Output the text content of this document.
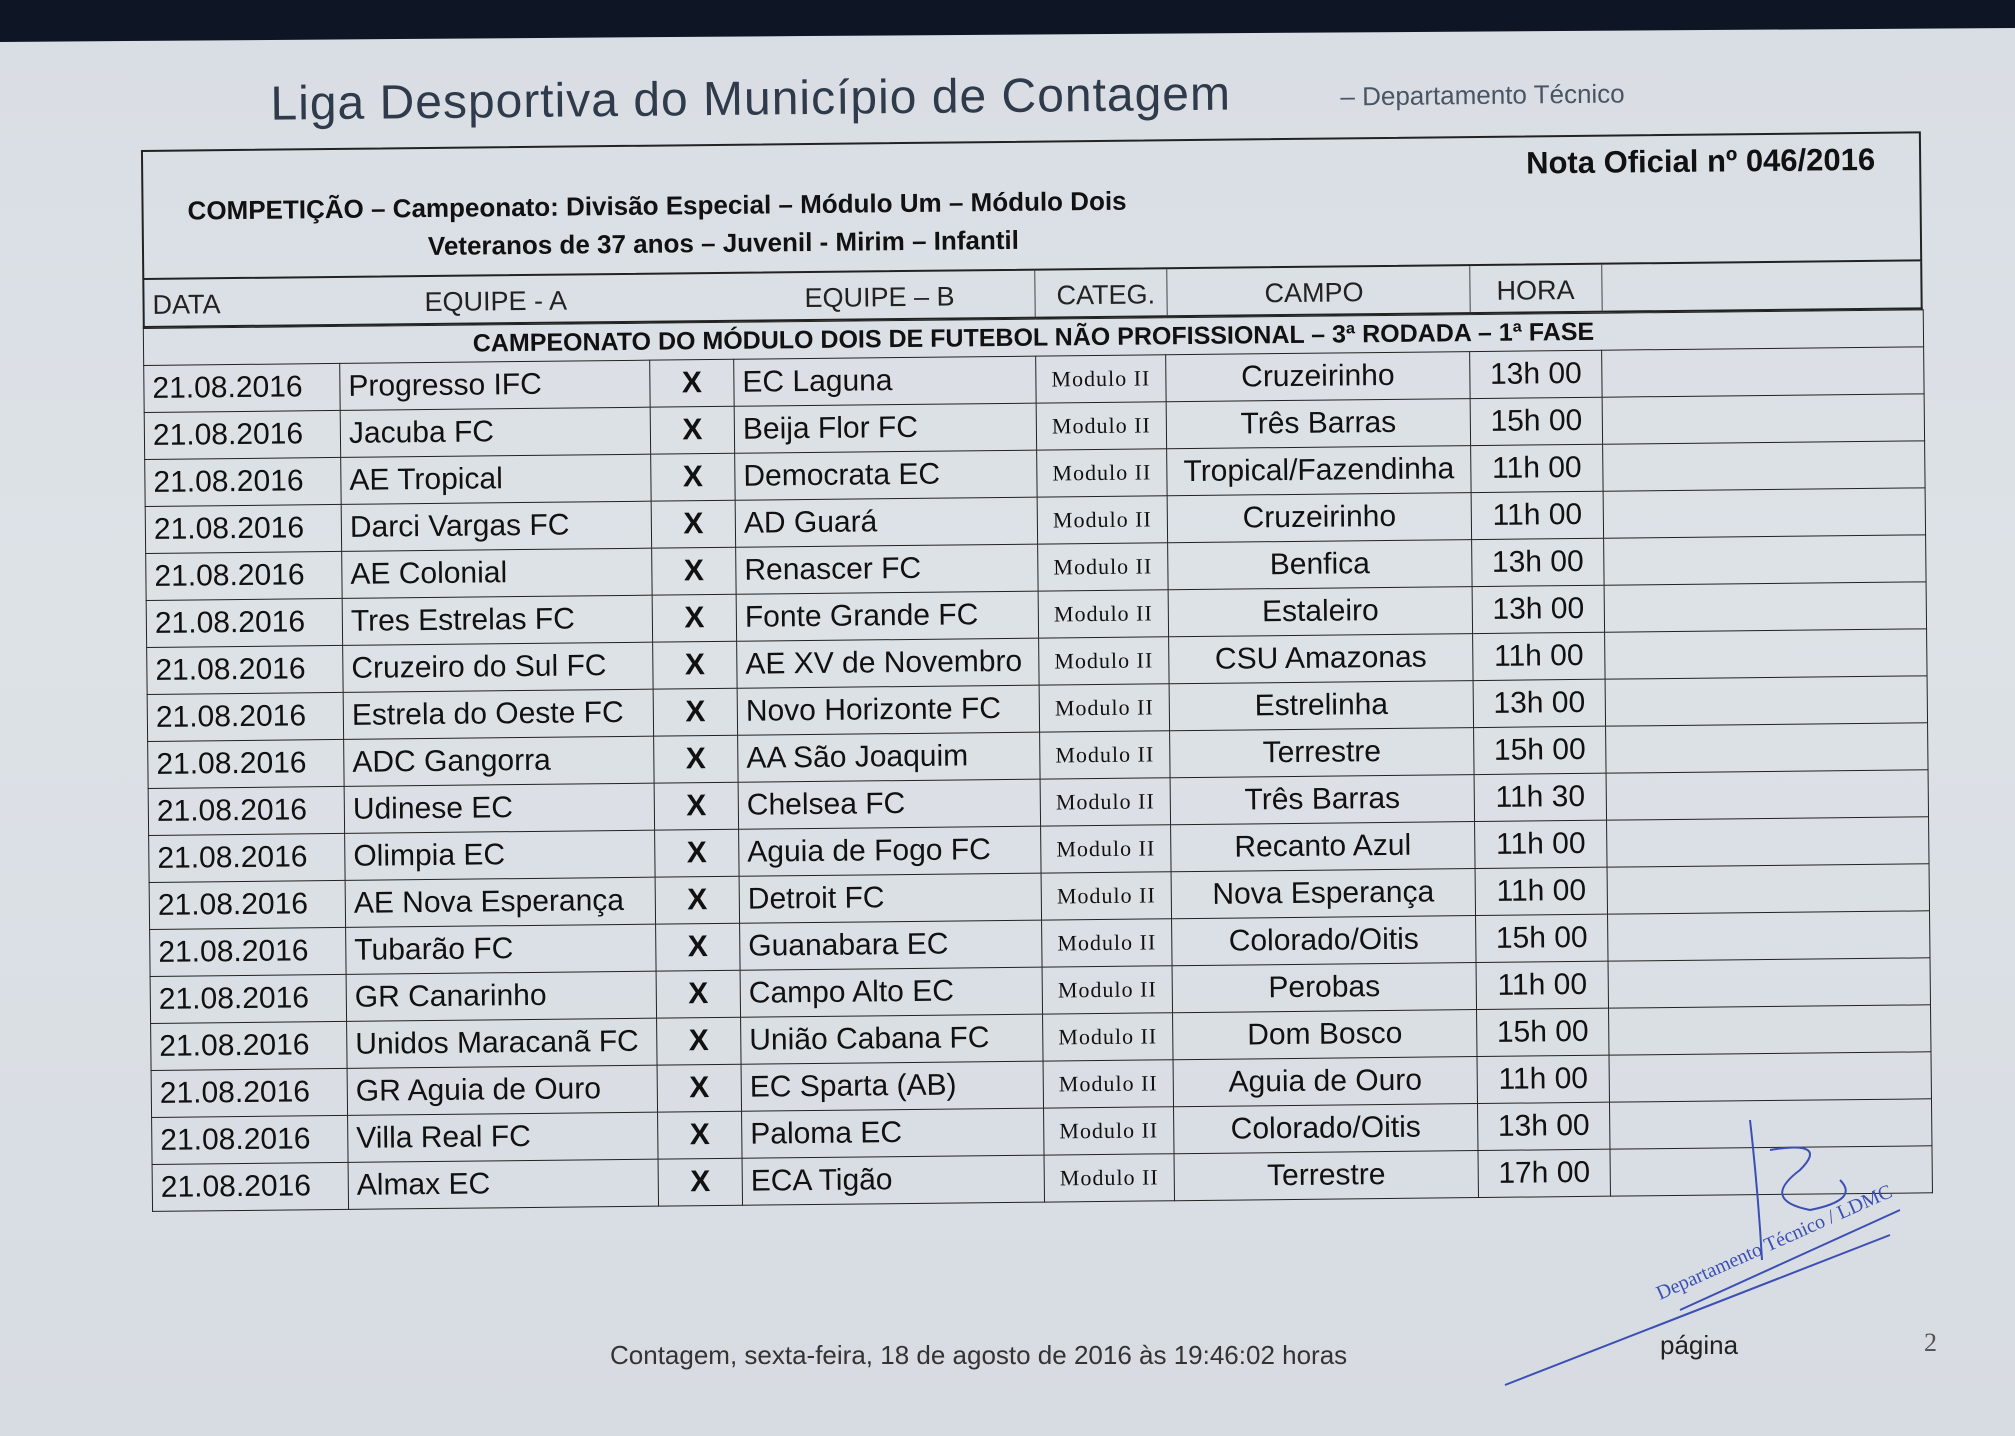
Liga Desportiva do Município de Contagem	– Departamento Técnico
COMPETIÇÃO – Campeonato: Divisão Especial – Módulo Um – Módulo Dois
Veteranos de 37 anos – Juvenil - Mirim – Infantil
Nota Oficial nº 046/2016
DATA	EQUIPE - A	EQUIPE – B	CATEG.	CAMPO	HORA
CAMPEONATO DO MÓDULO DOIS DE FUTEBOL NÃO PROFISSIONAL – 3ª RODADA – 1ª FASE							
21.08.2016	Progresso IFC	X	EC Laguna	Modulo II	Cruzeirinho	13h 00	
21.08.2016	Jacuba FC	X	Beija Flor FC	Modulo II	Três Barras	15h 00	
21.08.2016	AE Tropical	X	Democrata EC	Modulo II	Tropical/Fazendinha	11h 00	
21.08.2016	Darci Vargas FC	X	AD Guará	Modulo II	Cruzeirinho	11h 00	
21.08.2016	AE Colonial	X	Renascer FC	Modulo II	Benfica	13h 00	
21.08.2016	Tres Estrelas FC	X	Fonte Grande FC	Modulo II	Estaleiro	13h 00	
21.08.2016	Cruzeiro do Sul FC	X	AE XV de Novembro	Modulo II	CSU Amazonas	11h 00	
21.08.2016	Estrela do Oeste FC	X	Novo Horizonte FC	Modulo II	Estrelinha	13h 00	
21.08.2016	ADC Gangorra	X	AA São Joaquim	Modulo II	Terrestre	15h 00	
21.08.2016	Udinese EC	X	Chelsea FC	Modulo II	Três Barras	11h 30	
21.08.2016	Olimpia EC	X	Aguia de Fogo FC	Modulo II	Recanto Azul	11h 00	
21.08.2016	AE Nova Esperança	X	Detroit FC	Modulo II	Nova Esperança	11h 00	
21.08.2016	Tubarão FC	X	Guanabara EC	Modulo II	Colorado/Oitis	15h 00	
21.08.2016	GR Canarinho	X	Campo Alto EC	Modulo II	Perobas	11h 00	
21.08.2016	Unidos Maracanã FC	X	União Cabana FC	Modulo II	Dom Bosco	15h 00	
21.08.2016	GR Aguia de Ouro	X	EC Sparta (AB)	Modulo II	Aguia de Ouro	11h 00	
21.08.2016	Villa Real FC	X	Paloma EC	Modulo II	Colorado/Oitis	13h 00	
21.08.2016	Almax EC	X	ECA Tigão	Modulo II	Terrestre	17h 00	
Contagem, sexta-feira, 18 de agosto de 2016 às 19:46:02 horas	página	2
Departamento Técnico / LDMC
